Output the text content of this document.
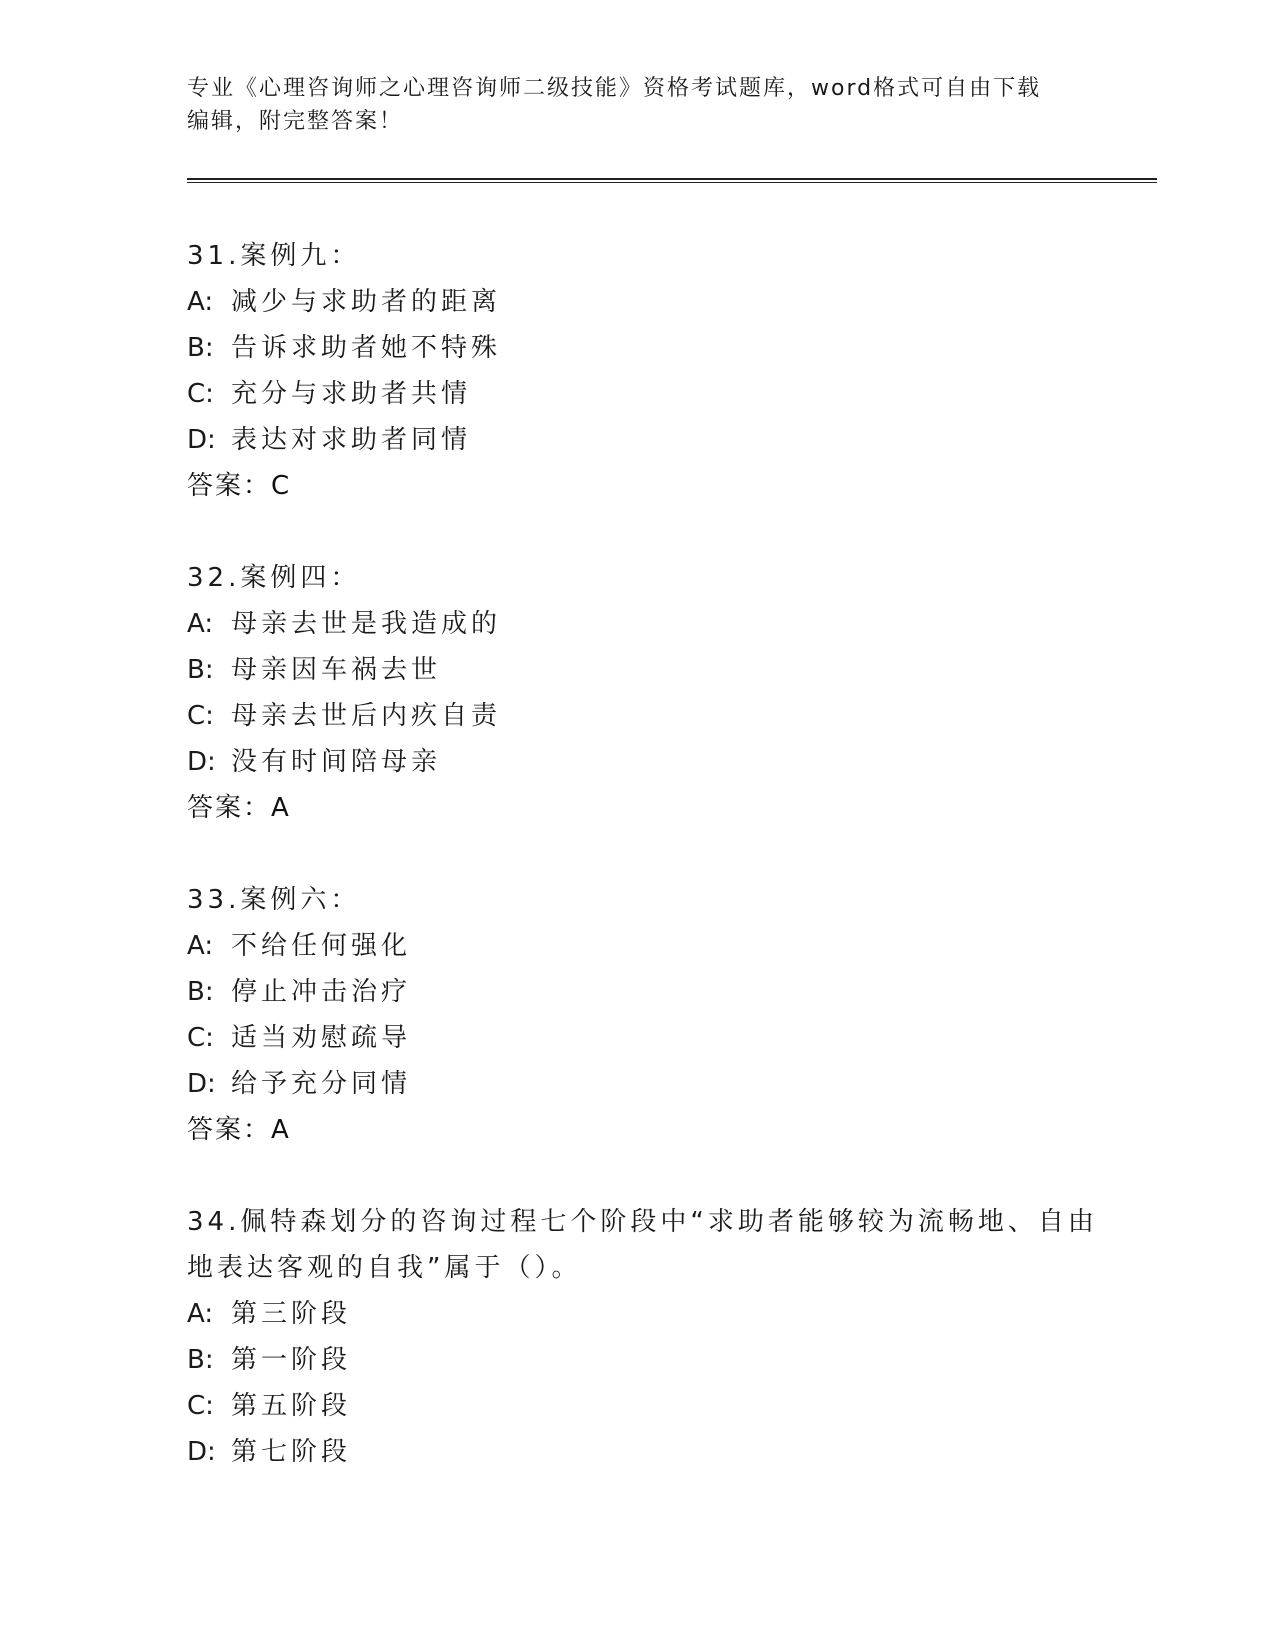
专业《心理咨询师之心理咨询师二级技能》资格考试题库，word格式可自由下载
编辑，附完整答案！
31.案例九：
A: 减少与求助者的距离
B: 告诉求助者她不特殊
C: 充分与求助者共情
D: 表达对求助者同情
答案：C
32.案例四：
A: 母亲去世是我造成的
B: 母亲因车祸去世
C: 母亲去世后内疚自责
D: 没有时间陪母亲
答案：A
33.案例六：
A: 不给任何强化
B: 停止冲击治疗
C: 适当劝慰疏导
D: 给予充分同情
答案：A
34.佩特森划分的咨询过程七个阶段中“求助者能够较为流畅地、自由
地表达客观的自我”属于（）。
A: 第三阶段
B: 第一阶段
C: 第五阶段
D: 第七阶段
